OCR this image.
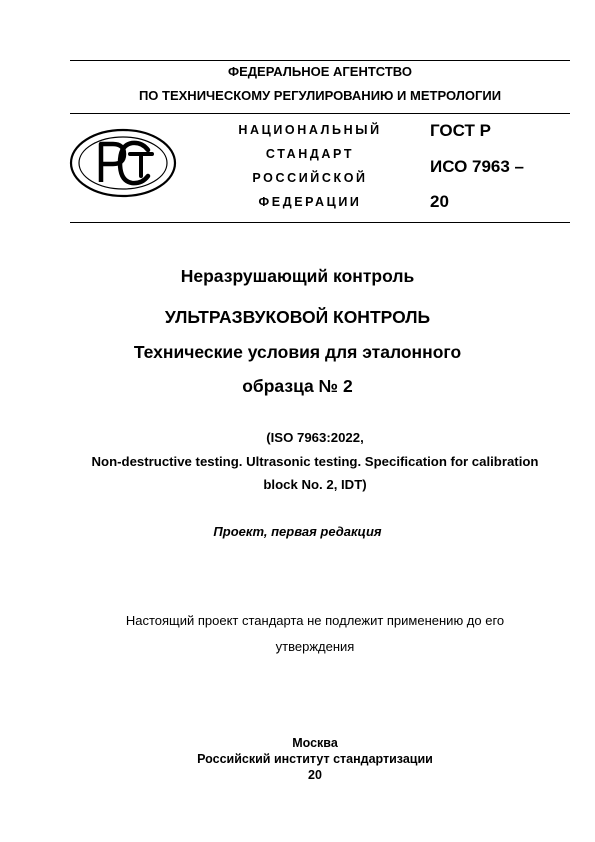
ФЕДЕРАЛЬНОЕ АГЕНТСТВО
ПО ТЕХНИЧЕСКОМУ РЕГУЛИРОВАНИЮ И МЕТРОЛОГИИ
НАЦИОНАЛЬНЫЙ
СТАНДАРТ
РОССИЙСКОЙ
ФЕДЕРАЦИИ
ГОСТ Р
ИСО 7963 –
20
Неразрушающий контроль
УЛЬТРАЗВУКОВОЙ КОНТРОЛЬ
Технические условия для эталонного
образца № 2
(ISO 7963:2022,
Non-destructive testing. Ultrasonic testing. Specification for calibration
block No. 2, IDT)
Проект, первая редакция
Настоящий проект стандарта не подлежит применению до его
утверждения
Москва
Российский институт стандартизации
20
